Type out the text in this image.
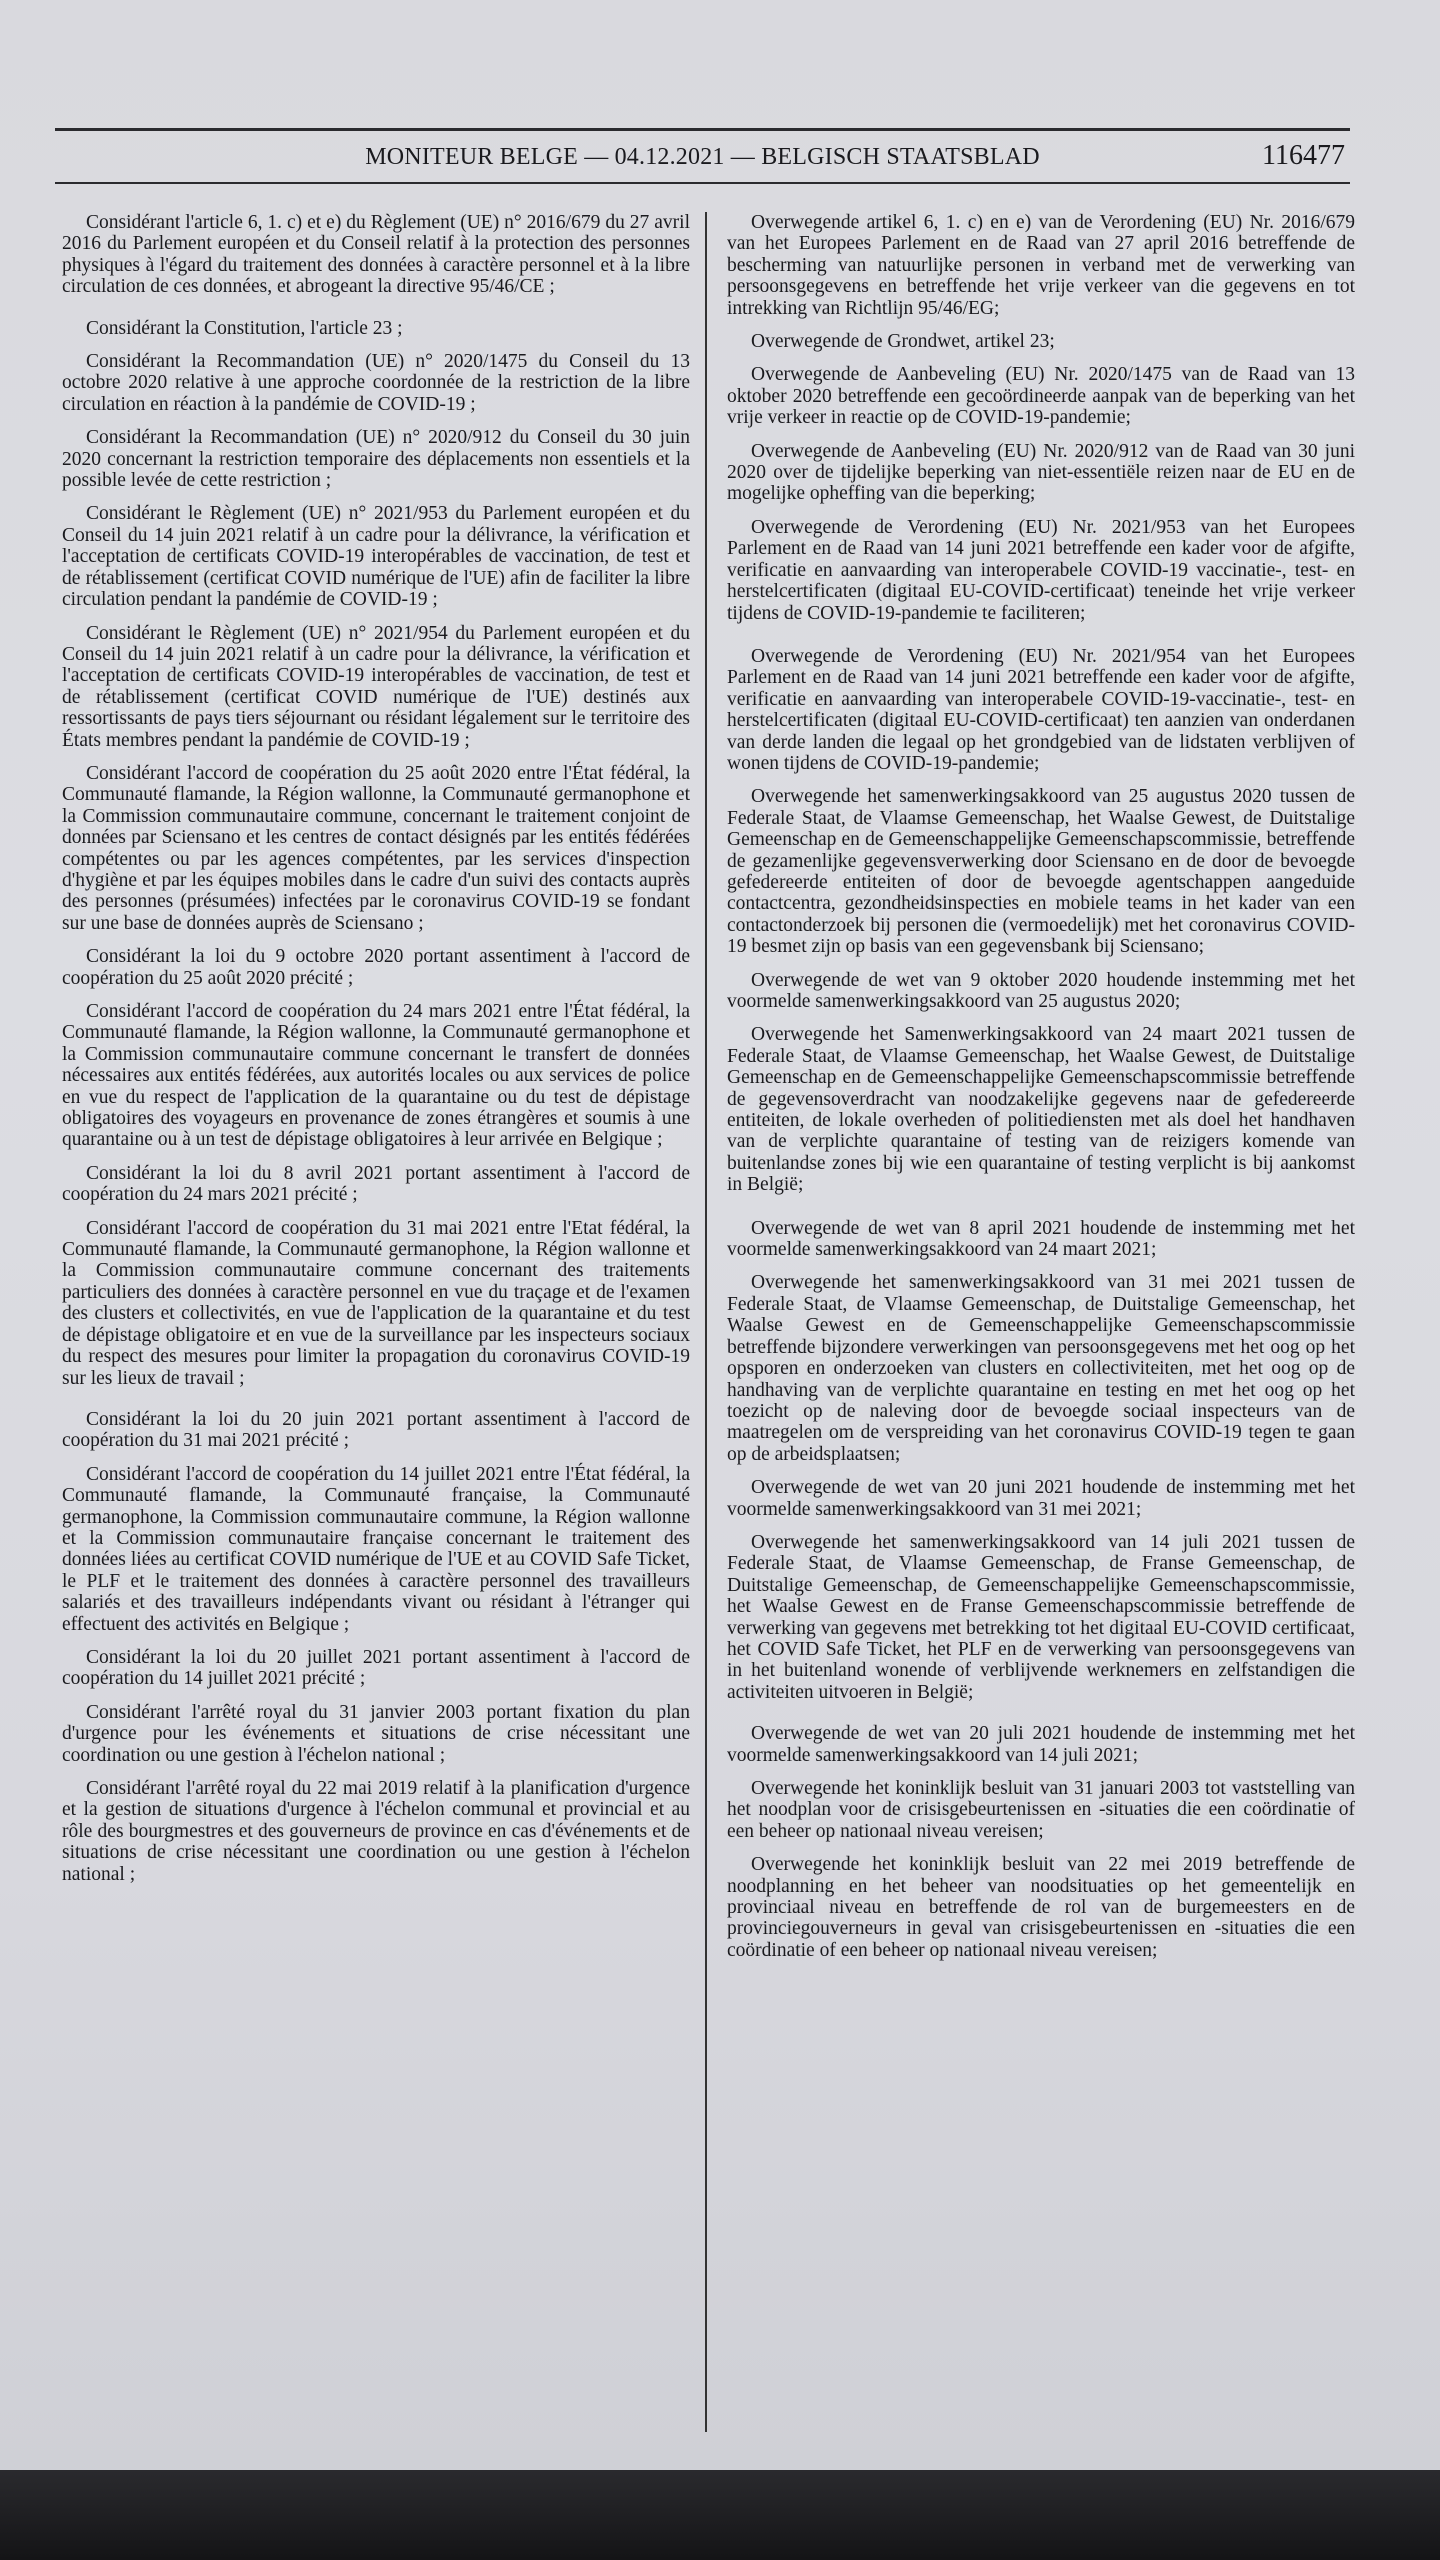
MONITEUR BELGE — 04.12.2021 — BELGISCH STAATSBLAD	116477

Considérant l'article 6, 1. c) et e) du Règlement (UE) n° 2016/679 du 27 avril 2016 du Parlement européen et du Conseil relatif à la protection des personnes physiques à l'égard du traitement des données à caractère personnel et à la libre circulation de ces données, et abrogeant la directive 95/46/CE ;

Considérant la Constitution, l'article 23 ;

Considérant la Recommandation (UE) n° 2020/1475 du Conseil du 13 octobre 2020 relative à une approche coordonnée de la restriction de la libre circulation en réaction à la pandémie de COVID-19 ;

Considérant la Recommandation (UE) n° 2020/912 du Conseil du 30 juin 2020 concernant la restriction temporaire des déplacements non essentiels et la possible levée de cette restriction ;

Considérant le Règlement (UE) n° 2021/953 du Parlement européen et du Conseil du 14 juin 2021 relatif à un cadre pour la délivrance, la vérification et l'acceptation de certificats COVID-19 interopérables de vaccination, de test et de rétablissement (certificat COVID numérique de l'UE) afin de faciliter la libre circulation pendant la pandémie de COVID-19 ;

Considérant le Règlement (UE) n° 2021/954 du Parlement européen et du Conseil du 14 juin 2021 relatif à un cadre pour la délivrance, la vérification et l'acceptation de certificats COVID-19 interopérables de vaccination, de test et de rétablissement (certificat COVID numérique de l'UE) destinés aux ressortissants de pays tiers séjournant ou résidant légalement sur le territoire des États membres pendant la pandémie de COVID-19 ;

Considérant l'accord de coopération du 25 août 2020 entre l'État fédéral, la Communauté flamande, la Région wallonne, la Communauté germanophone et la Commission communautaire commune, concernant le traitement conjoint de données par Sciensano et les centres de contact désignés par les entités fédérées compétentes ou par les agences compétentes, par les services d'inspection d'hygiène et par les équipes mobiles dans le cadre d'un suivi des contacts auprès des personnes (présumées) infectées par le coronavirus COVID-19 se fondant sur une base de données auprès de Sciensano ;

Considérant la loi du 9 octobre 2020 portant assentiment à l'accord de coopération du 25 août 2020 précité ;

Considérant l'accord de coopération du 24 mars 2021 entre l'État fédéral, la Communauté flamande, la Région wallonne, la Communauté germanophone et la Commission communautaire commune concernant le transfert de données nécessaires aux entités fédérées, aux autorités locales ou aux services de police en vue du respect de l'application de la quarantaine ou du test de dépistage obligatoires des voyageurs en provenance de zones étrangères et soumis à une quarantaine ou à un test de dépistage obligatoires à leur arrivée en Belgique ;

Considérant la loi du 8 avril 2021 portant assentiment à l'accord de coopération du 24 mars 2021 précité ;

Considérant l'accord de coopération du 31 mai 2021 entre l'Etat fédéral, la Communauté flamande, la Communauté germanophone, la Région wallonne et la Commission communautaire commune concernant des traitements particuliers des données à caractère personnel en vue du traçage et de l'examen des clusters et collectivités, en vue de l'application de la quarantaine et du test de dépistage obligatoire et en vue de la surveillance par les inspecteurs sociaux du respect des mesures pour limiter la propagation du coronavirus COVID-19 sur les lieux de travail ;

Considérant la loi du 20 juin 2021 portant assentiment à l'accord de coopération du 31 mai 2021 précité ;

Considérant l'accord de coopération du 14 juillet 2021 entre l'État fédéral, la Communauté flamande, la Communauté française, la Communauté germanophone, la Commission communautaire commune, la Région wallonne et la Commission communautaire française concernant le traitement des données liées au certificat COVID numérique de l'UE et au COVID Safe Ticket, le PLF et le traitement des données à caractère personnel des travailleurs salariés et des travailleurs indépendants vivant ou résidant à l'étranger qui effectuent des activités en Belgique ;

Considérant la loi du 20 juillet 2021 portant assentiment à l'accord de coopération du 14 juillet 2021 précité ;

Considérant l'arrêté royal du 31 janvier 2003 portant fixation du plan d'urgence pour les événements et situations de crise nécessitant une coordination ou une gestion à l'échelon national ;

Considérant l'arrêté royal du 22 mai 2019 relatif à la planification d'urgence et la gestion de situations d'urgence à l'échelon communal et provincial et au rôle des bourgmestres et des gouverneurs de province en cas d'événements et de situations de crise nécessitant une coordination ou une gestion à l'échelon national ;

Overwegende artikel 6, 1. c) en e) van de Verordening (EU) Nr. 2016/679 van het Europees Parlement en de Raad van 27 april 2016 betreffende de bescherming van natuurlijke personen in verband met de verwerking van persoonsgegevens en betreffende het vrije verkeer van die gegevens en tot intrekking van Richtlijn 95/46/EG;

Overwegende de Grondwet, artikel 23;

Overwegende de Aanbeveling (EU) Nr. 2020/1475 van de Raad van 13 oktober 2020 betreffende een gecoördineerde aanpak van de beperking van het vrije verkeer in reactie op de COVID-19-pandemie;

Overwegende de Aanbeveling (EU) Nr. 2020/912 van de Raad van 30 juni 2020 over de tijdelijke beperking van niet-essentiële reizen naar de EU en de mogelijke opheffing van die beperking;

Overwegende de Verordening (EU) Nr. 2021/953 van het Europees Parlement en de Raad van 14 juni 2021 betreffende een kader voor de afgifte, verificatie en aanvaarding van interoperabele COVID-19 vaccinatie-, test- en herstelcertificaten (digitaal EU-COVID-certificaat) teneinde het vrije verkeer tijdens de COVID-19-pandemie te faciliteren;

Overwegende de Verordening (EU) Nr. 2021/954 van het Europees Parlement en de Raad van 14 juni 2021 betreffende een kader voor de afgifte, verificatie en aanvaarding van interoperabele COVID-19-vaccinatie-, test- en herstelcertificaten (digitaal EU-COVID-certificaat) ten aanzien van onderdanen van derde landen die legaal op het grondgebied van de lidstaten verblijven of wonen tijdens de COVID-19-pandemie;

Overwegende het samenwerkingsakkoord van 25 augustus 2020 tussen de Federale Staat, de Vlaamse Gemeenschap, het Waalse Gewest, de Duitstalige Gemeenschap en de Gemeenschappelijke Gemeenschapscommissie, betreffende de gezamenlijke gegevensverwerking door Sciensano en de door de bevoegde gefedereerde entiteiten of door de bevoegde agentschappen aangeduide contactcentra, gezondheidsinspecties en mobiele teams in het kader van een contactonderzoek bij personen die (vermoedelijk) met het coronavirus COVID-19 besmet zijn op basis van een gegevensbank bij Sciensano;

Overwegende de wet van 9 oktober 2020 houdende instemming met het voormelde samenwerkingsakkoord van 25 augustus 2020;

Overwegende het Samenwerkingsakkoord van 24 maart 2021 tussen de Federale Staat, de Vlaamse Gemeenschap, het Waalse Gewest, de Duitstalige Gemeenschap en de Gemeenschappelijke Gemeenschapscommissie betreffende de gegevensoverdracht van noodzakelijke gegevens naar de gefedereerde entiteiten, de lokale overheden of politiediensten met als doel het handhaven van de verplichte quarantaine of testing van de reizigers komende van buitenlandse zones bij wie een quarantaine of testing verplicht is bij aankomst in België;

Overwegende de wet van 8 april 2021 houdende de instemming met het voormelde samenwerkingsakkoord van 24 maart 2021;

Overwegende het samenwerkingsakkoord van 31 mei 2021 tussen de Federale Staat, de Vlaamse Gemeenschap, de Duitstalige Gemeenschap, het Waalse Gewest en de Gemeenschappelijke Gemeenschapscommissie betreffende bijzondere verwerkingen van persoonsgegevens met het oog op het opsporen en onderzoeken van clusters en collectiviteiten, met het oog op de handhaving van de verplichte quarantaine en testing en met het oog op het toezicht op de naleving door de bevoegde sociaal inspecteurs van de maatregelen om de verspreiding van het coronavirus COVID-19 tegen te gaan op de arbeidsplaatsen;

Overwegende de wet van 20 juni 2021 houdende de instemming met het voormelde samenwerkingsakkoord van 31 mei 2021;

Overwegende het samenwerkingsakkoord van 14 juli 2021 tussen de Federale Staat, de Vlaamse Gemeenschap, de Franse Gemeenschap, de Duitstalige Gemeenschap, de Gemeenschappelijke Gemeenschapscommissie, het Waalse Gewest en de Franse Gemeenschapscommissie betreffende de verwerking van gegevens met betrekking tot het digitaal EU-COVID certificaat, het COVID Safe Ticket, het PLF en de verwerking van persoonsgegevens van in het buitenland wonende of verblijvende werknemers en zelfstandigen die activiteiten uitvoeren in België;

Overwegende de wet van 20 juli 2021 houdende de instemming met het voormelde samenwerkingsakkoord van 14 juli 2021;

Overwegende het koninklijk besluit van 31 januari 2003 tot vaststelling van het noodplan voor de crisisgebeurtenissen en -situaties die een coördinatie of een beheer op nationaal niveau vereisen;

Overwegende het koninklijk besluit van 22 mei 2019 betreffende de noodplanning en het beheer van noodsituaties op het gemeentelijk en provinciaal niveau en betreffende de rol van de burgemeesters en de provinciegouverneurs in geval van crisisgebeurtenissen en -situaties die een coördinatie of een beheer op nationaal niveau vereisen;
